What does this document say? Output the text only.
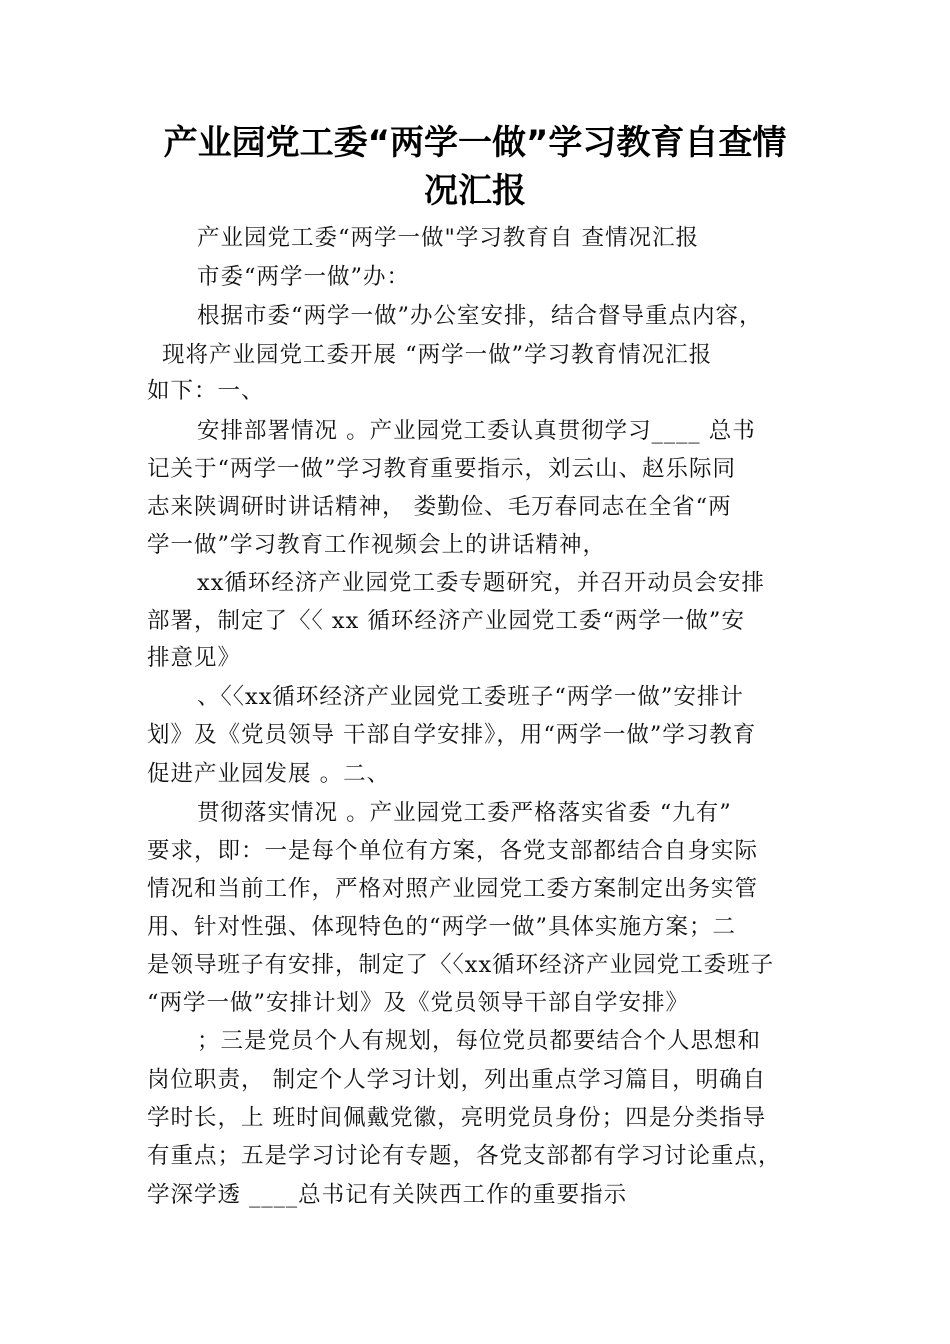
产业园党工委“两学一做”学习教育自查情
况汇报
产业园党工委“两学一做"学习教育自 查情况汇报
市委“两学一做”办：
根据市委“两学一做”办公室安排，结合督导重点内容，
现将产业园党工委开展 “两学一做”学习教育情况汇报
如下：一、
安排部署情况 。产业园党工委认真贯彻学习____ 总书
记关于“两学一做”学习教育重要指示，刘云山、赵乐际同
志来陕调研时讲话精神， 娄勤俭、毛万春同志在全省“两
学一做”学习教育工作视频会上的讲话精神，
xx循环经济产业园党工委专题研究，并召开动员会安排
部署，制定了〈〈 xx 循环经济产业园党工委“两学一做”安
排意见》
、〈〈xx循环经济产业园党工委班子“两学一做”安排计
划》及《党员领导 干部自学安排》，用“两学一做”学习教育
促进产业园发展 。二、
贯彻落实情况 。产业园党工委严格落实省委 “九有”
要求，即：一是每个单位有方案，各党支部都结合自身实际
情况和当前工作，严格对照产业园党工委方案制定出务实管
用、针对性强、体现特色的“两学一做”具体实施方案；二
是领导班子有安排，制定了〈〈xx循环经济产业园党工委班子
“两学一做”安排计划》及《党员领导干部自学安排》
；三是党员个人有规划，每位党员都要结合个人思想和
岗位职责， 制定个人学习计划，列出重点学习篇目，明确自
学时长，上 班时间佩戴党徽，亮明党员身份；四是分类指导
有重点；五是学习讨论有专题，各党支部都有学习讨论重点，
学深学透 ____总书记有关陕西工作的重要指示
